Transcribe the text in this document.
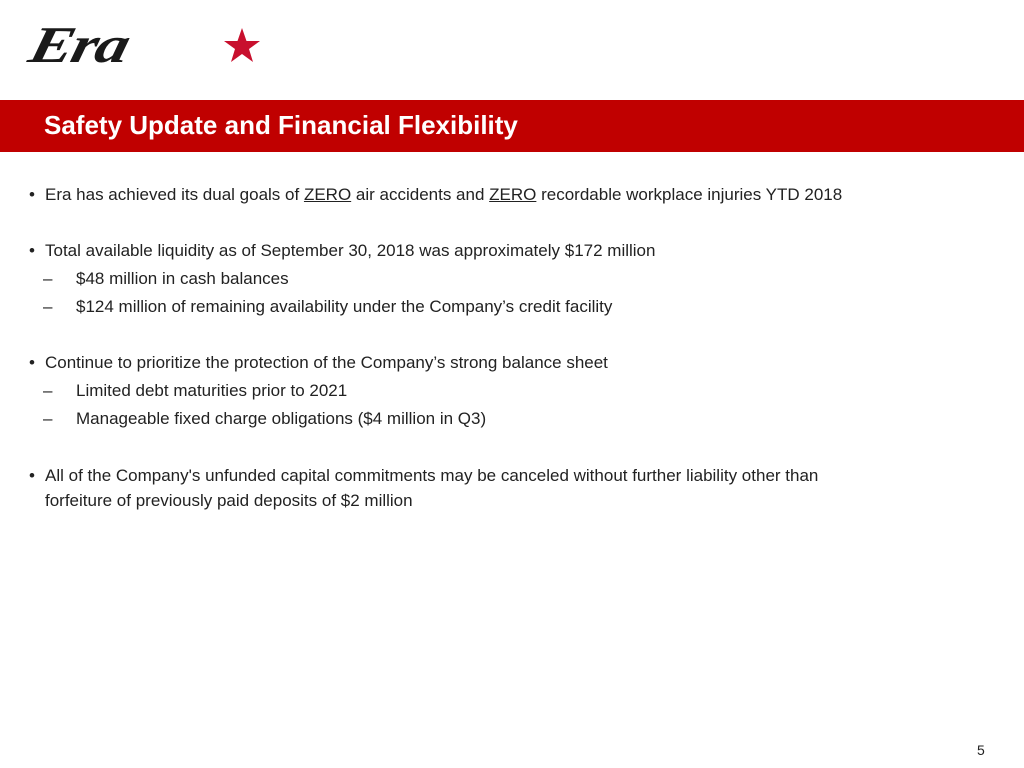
Era
Safety Update and Financial Flexibility
• Era has achieved its dual goals of ZERO air accidents and ZERO recordable workplace injuries YTD 2018
• Total available liquidity as of September 30, 2018 was approximately $172 million
– $48 million in cash balances
– $124 million of remaining availability under the Company’s credit facility
• Continue to prioritize the protection of the Company’s strong balance sheet
– Limited debt maturities prior to 2021
– Manageable fixed charge obligations ($4 million in Q3)
• All of the Company's unfunded capital commitments may be canceled without further liability other than
forfeiture of previously paid deposits of $2 million
5
